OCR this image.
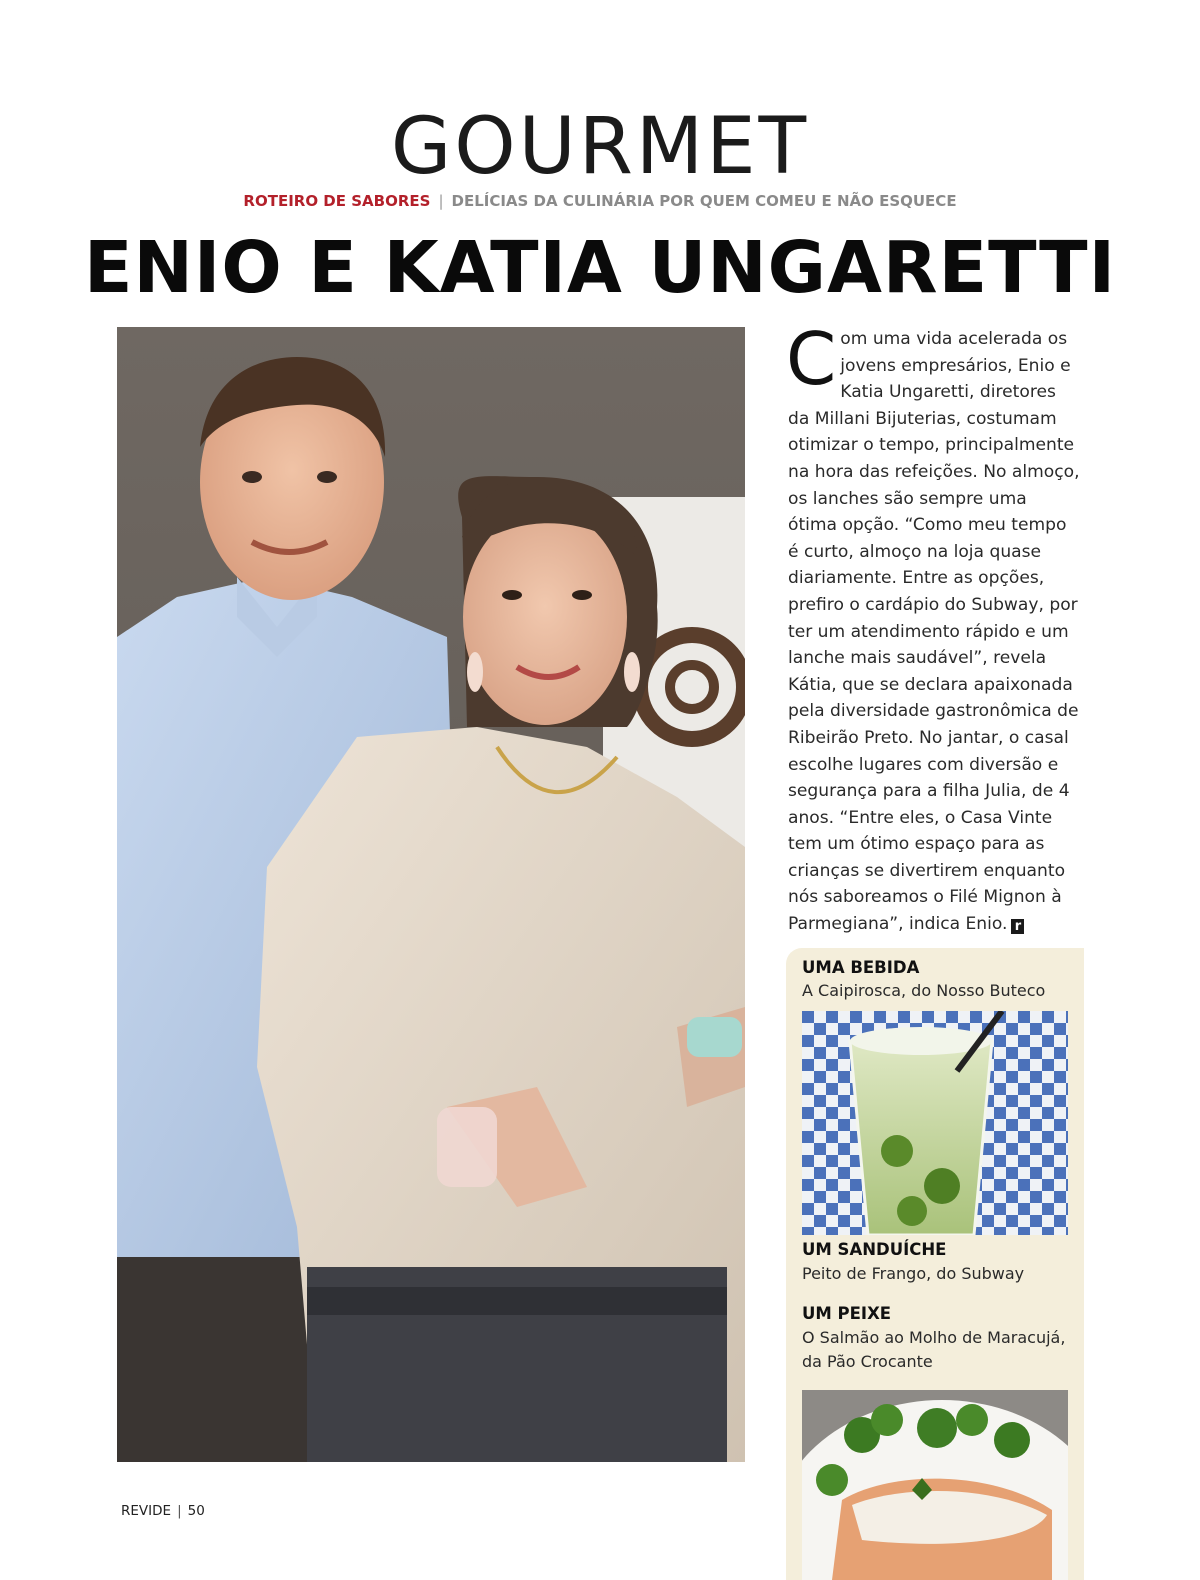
GOURMET
ROTEIRO DE SABORES | DELÍCIAS DA CULINÁRIA POR QUEM COMEU E NÃO ESQUECE
ENIO E KATIA UNGARETTI
Com uma vida acelerada os jovens empresários, Enio e Katia Ungaretti, diretores da Millani Bijuterias, costumam otimizar o tempo, principalmente na hora das refeições. No almoço, os lanches são sempre uma ótima opção. “Como meu tempo é curto, almoço na loja quase diariamente. Entre as opções, prefiro o cardápio do Subway, por ter um atendimento rápido e um lanche mais saudável”, revela Kátia, que se declara apaixonada pela diversidade gastronômica de Ribeirão Preto. No jantar, o casal escolhe lugares com diversão e segurança para a filha Julia, de 4 anos. “Entre eles, o Casa Vinte tem um ótimo espaço para as crianças se divertirem enquanto nós saboreamos o Filé Mignon à Parmegiana”, indica Enio. r
UMA BEBIDA
A Caipirosca, do Nosso Buteco
UM SANDUÍCHE
Peito de Frango, do Subway
UM PEIXE
O Salmão ao Molho de Maracujá, da Pão Crocante
REVIDE | 50
